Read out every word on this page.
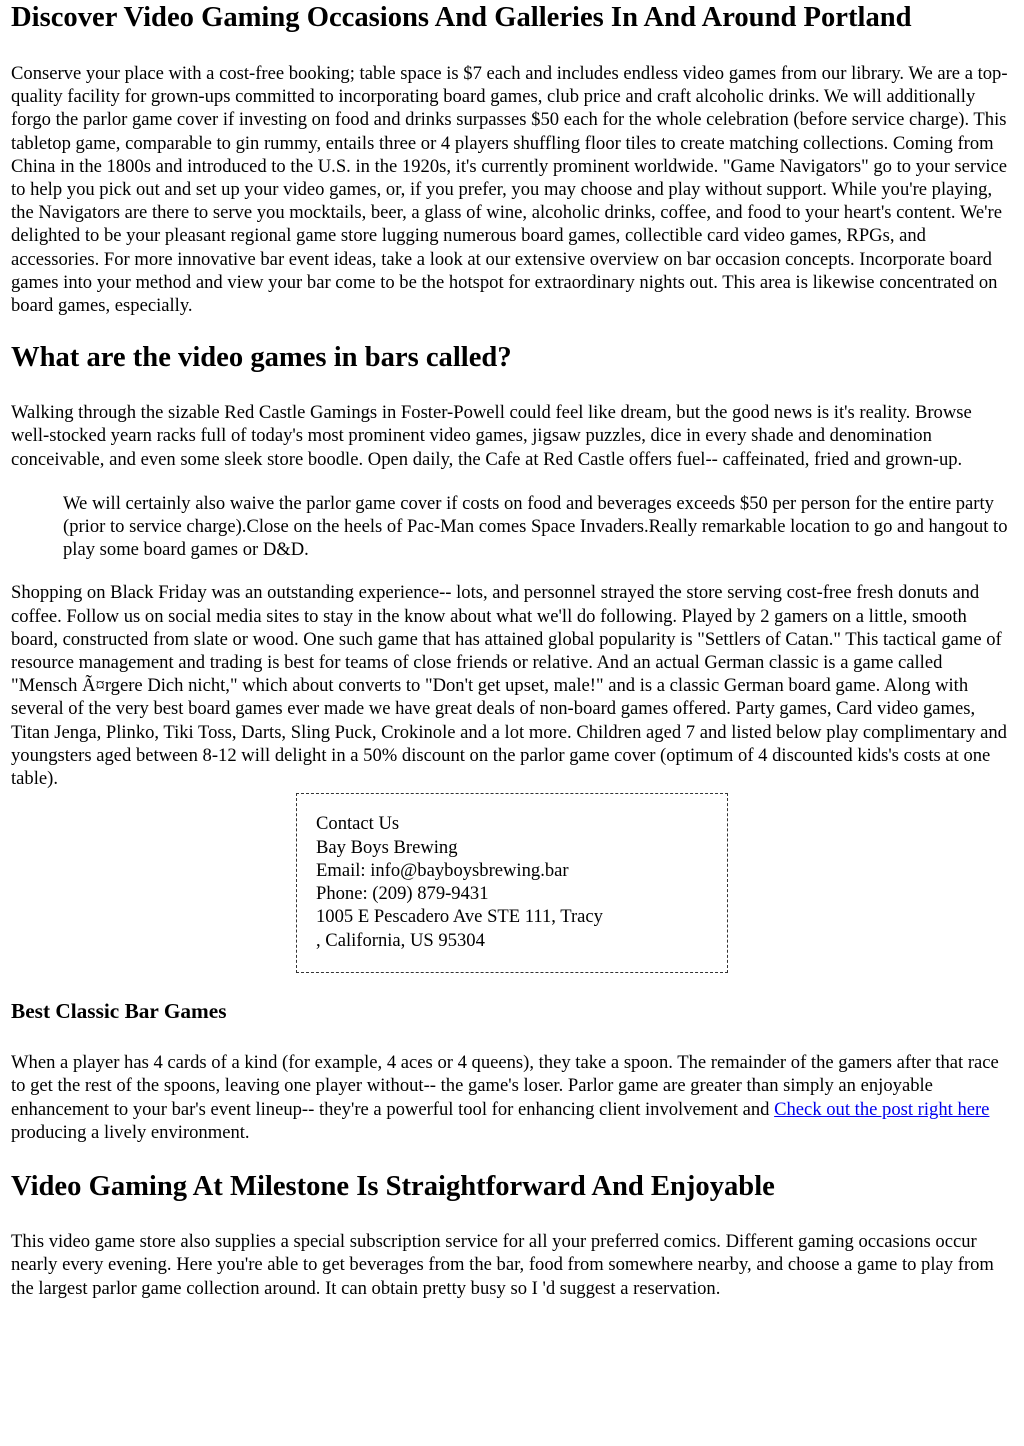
Discover Video Gaming Occasions And Galleries In And Around Portland

Conserve your place with a cost-free booking; table space is $7 each and includes endless video games from our library. We are a top-quality facility for grown-ups committed to incorporating board games, club price and craft alcoholic drinks. We will additionally forgo the parlor game cover if investing on food and drinks surpasses $50 each for the whole celebration (before service charge). This tabletop game, comparable to gin rummy, entails three or 4 players shuffling floor tiles to create matching collections. Coming from China in the 1800s and introduced to the U.S. in the 1920s, it's currently prominent worldwide. "Game Navigators" go to your service to help you pick out and set up your video games, or, if you prefer, you may choose and play without support. While you're playing, the Navigators are there to serve you mocktails, beer, a glass of wine, alcoholic drinks, coffee, and food to your heart's content. We're delighted to be your pleasant regional game store lugging numerous board games, collectible card video games, RPGs, and accessories. For more innovative bar event ideas, take a look at our extensive overview on bar occasion concepts. Incorporate board games into your method and view your bar come to be the hotspot for extraordinary nights out. This area is likewise concentrated on board games, especially.

What are the video games in bars called?

Walking through the sizable Red Castle Gamings in Foster-Powell could feel like dream, but the good news is it's reality. Browse well-stocked yearn racks full of today's most prominent video games, jigsaw puzzles, dice in every shade and denomination conceivable, and even some sleek store boodle. Open daily, the Cafe at Red Castle offers fuel-- caffeinated, fried and grown-up.

We will certainly also waive the parlor game cover if costs on food and beverages exceeds $50 per person for the entire party (prior to service charge).Close on the heels of Pac-Man comes Space Invaders.Really remarkable location to go and hangout to play some board games or D&D.

Shopping on Black Friday was an outstanding experience-- lots, and personnel strayed the store serving cost-free fresh donuts and coffee. Follow us on social media sites to stay in the know about what we'll do following. Played by 2 gamers on a little, smooth board, constructed from slate or wood. One such game that has attained global popularity is "Settlers of Catan." This tactical game of resource management and trading is best for teams of close friends or relative. And an actual German classic is a game called "Mensch Ã¤rgere Dich nicht," which about converts to "Don't get upset, male!" and is a classic German board game. Along with several of the very best board games ever made we have great deals of non-board games offered. Party games, Card video games, Titan Jenga, Plinko, Tiki Toss, Darts, Sling Puck, Crokinole and a lot more. Children aged 7 and listed below play complimentary and youngsters aged between 8-12 will delight in a 50% discount on the parlor game cover (optimum of 4 discounted kids's costs at one table).

Contact Us
Bay Boys Brewing
Email: info@bayboysbrewing.bar
Phone: (209) 879-9431
1005 E Pescadero Ave STE 111, Tracy
, California, US 95304
Best Classic Bar Games

When a player has 4 cards of a kind (for example, 4 aces or 4 queens), they take a spoon. The remainder of the gamers after that race to get the rest of the spoons, leaving one player without-- the game's loser. Parlor game are greater than simply an enjoyable enhancement to your bar's event lineup-- they're a powerful tool for enhancing client involvement and Check out the post right here producing a lively environment.

Video Gaming At Milestone Is Straightforward And Enjoyable

This video game store also supplies a special subscription service for all your preferred comics. Different gaming occasions occur nearly every evening. Here you're able to get beverages from the bar, food from somewhere nearby, and choose a game to play from the largest parlor game collection around. It can obtain pretty busy so I 'd suggest a reservation.
